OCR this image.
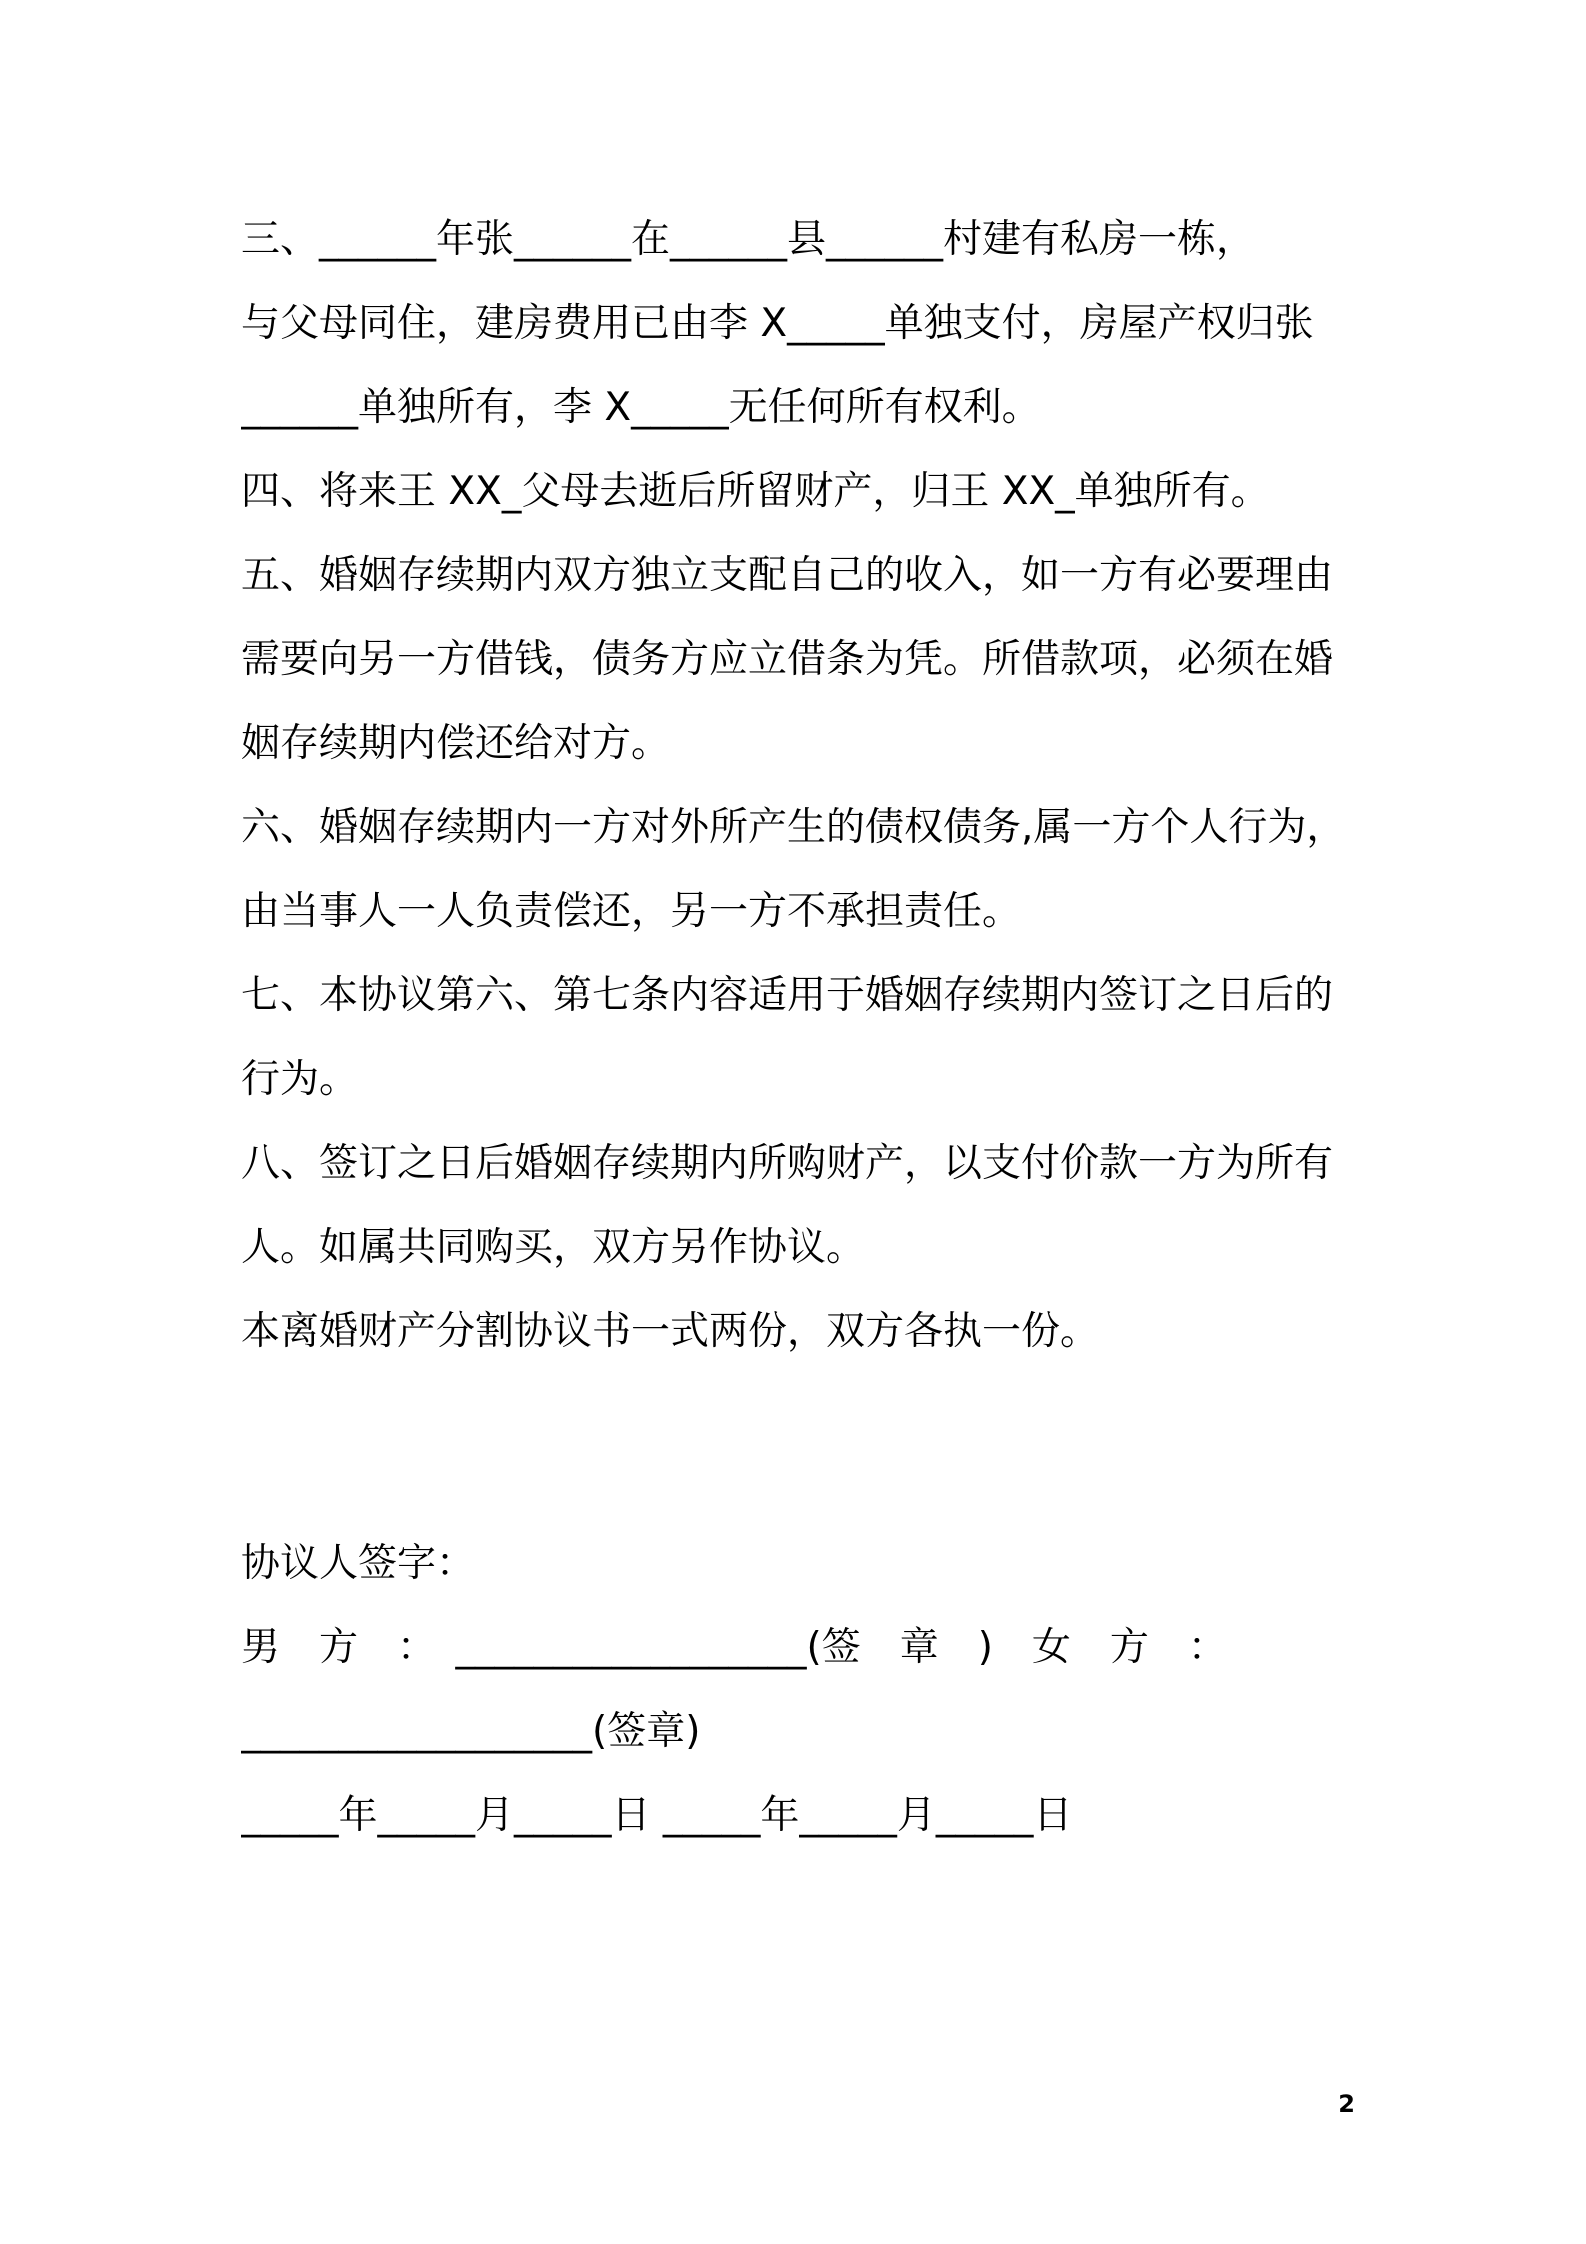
三、______年张______在______县______村建有私房一栋，
与父母同住，建房费用已由李 X_____单独支付，房屋产权归张
______单独所有，李 X_____无任何所有权利。
四、将来王 XX_父母去逝后所留财产，归王 XX_单独所有。
五、婚姻存续期内双方独立支配自己的收入，如一方有必要理由
需要向另一方借钱，债务方应立借条为凭。所借款项，必须在婚
姻存续期内偿还给对方。
六、婚姻存续期内一方对外所产生的债权债务,属一方个人行为，
由当事人一人负责偿还，另一方不承担责任。
七、本协议第六、第七条内容适用于婚姻存续期内签订之日后的
行为。
八、签订之日后婚姻存续期内所购财产，以支付价款一方为所有
人。如属共同购买，双方另作协议。
本离婚财产分割协议书一式两份，双方各执一份。
协议人签字：
男　方　：　__________________(签　章　)　女　方　：
__________________(签章)
_____年_____月_____日 _____年_____月_____日
2
